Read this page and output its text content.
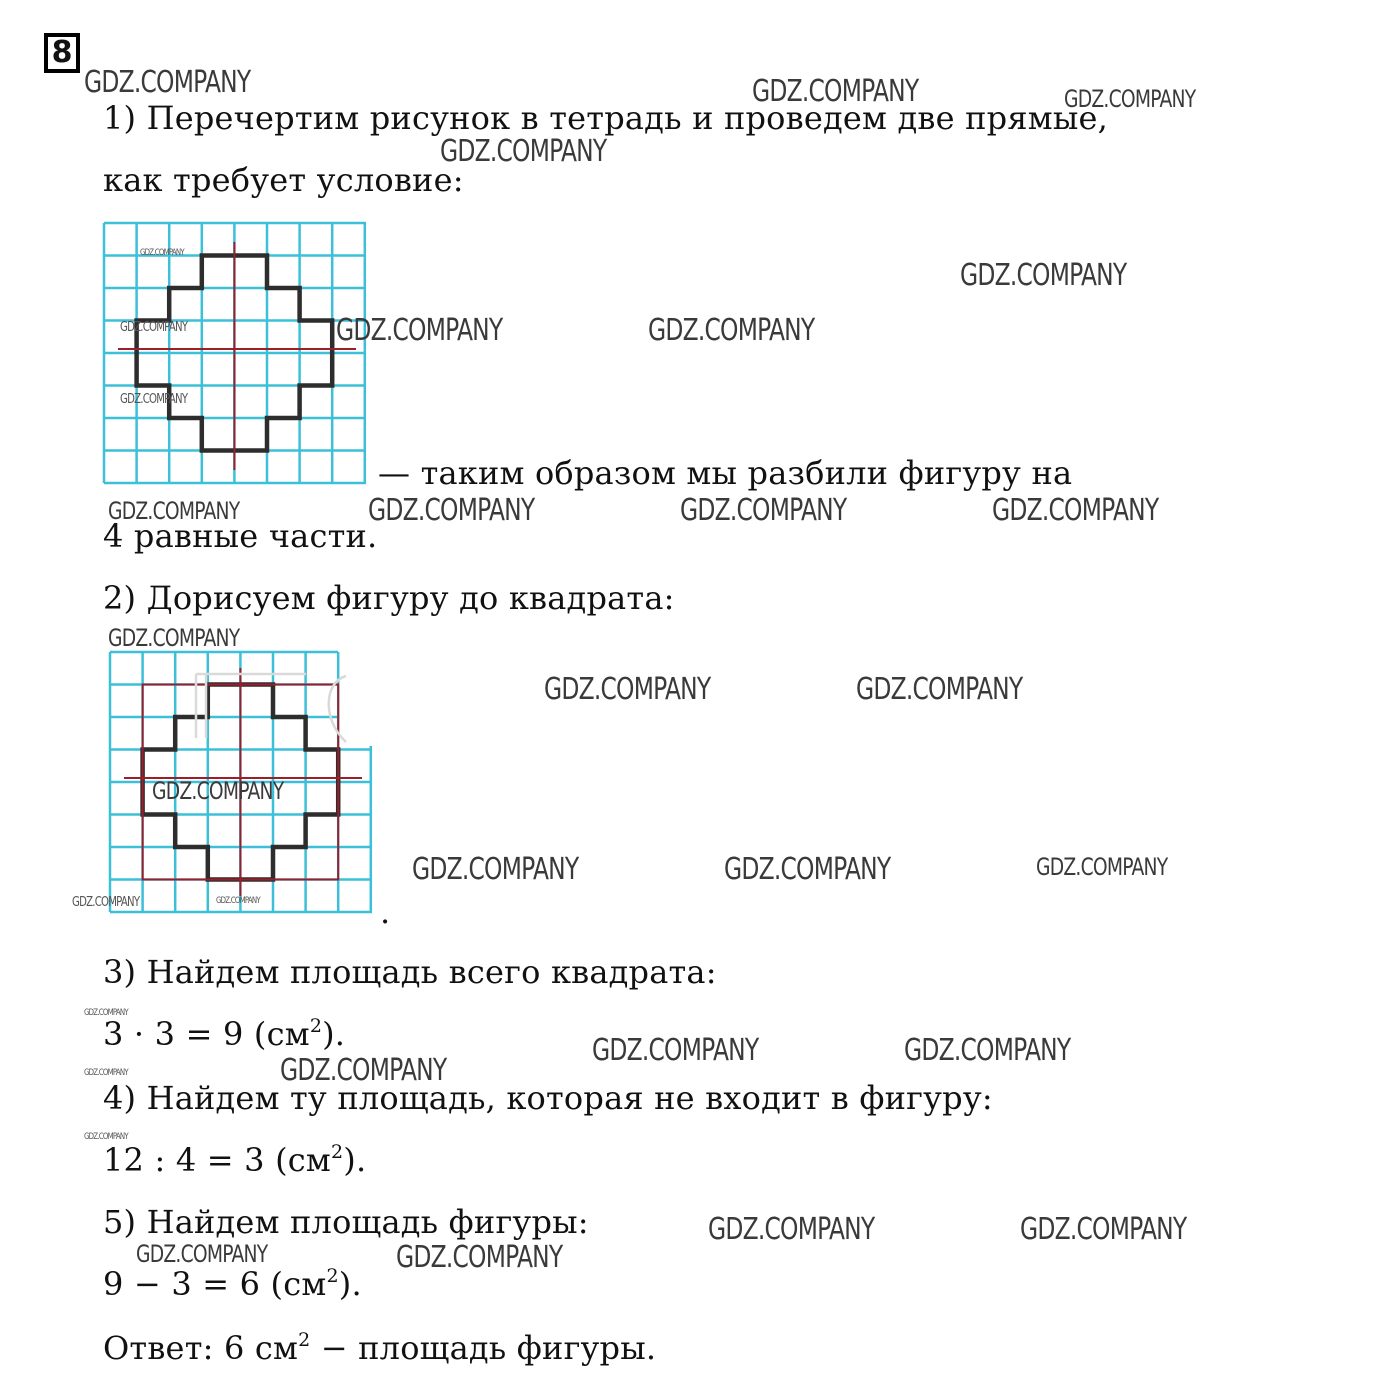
8
1) Перечертим рисунок в тетрадь и проведем две прямые,
как требует условие:
— таким образом мы разбили фигуру на
4 равные части.
2) Дорисуем фигуру до квадрата:
.
3) Найдем площадь всего квадрата:
3 · 3 = 9 $(см^2)$.
4) Найдем ту площадь, которая не входит в фигуру:
12 : 4 = 3 $(см^2)$.
5) Найдем площадь фигуры:
9 − 3 = 6 $(см^2)$.
Ответ: 6 $см^2$ − площадь фигуры.
GDZ.COMPANY	GDZ.COMPANY	GDZ.COMPANY
GDZ.COMPANY
GDZ.COMPANY
GDZ.COMPANY
GDZ.COMPANY	GDZ.COMPANY	GDZ.COMPANY
GDZ.COMPANY
GDZ.COMPANY	GDZ.COMPANY	GDZ.COMPANY	GDZ.COMPANY
GDZ.COMPANY
GDZ.COMPANY	GDZ.COMPANY
GDZ.COMPANY
GDZ.COMPANY	GDZ.COMPANY	GDZ.COMPANY
GDZ.COMPANY	GDZ.COMPANY
GDZ.COMPANY
GDZ.COMPANY	GDZ.COMPANY
GDZ.COMPANY
GDZ.COMPANY
GDZ.COMPANY
GDZ.COMPANY	GDZ.COMPANY
GDZ.COMPANY	GDZ.COMPANY
